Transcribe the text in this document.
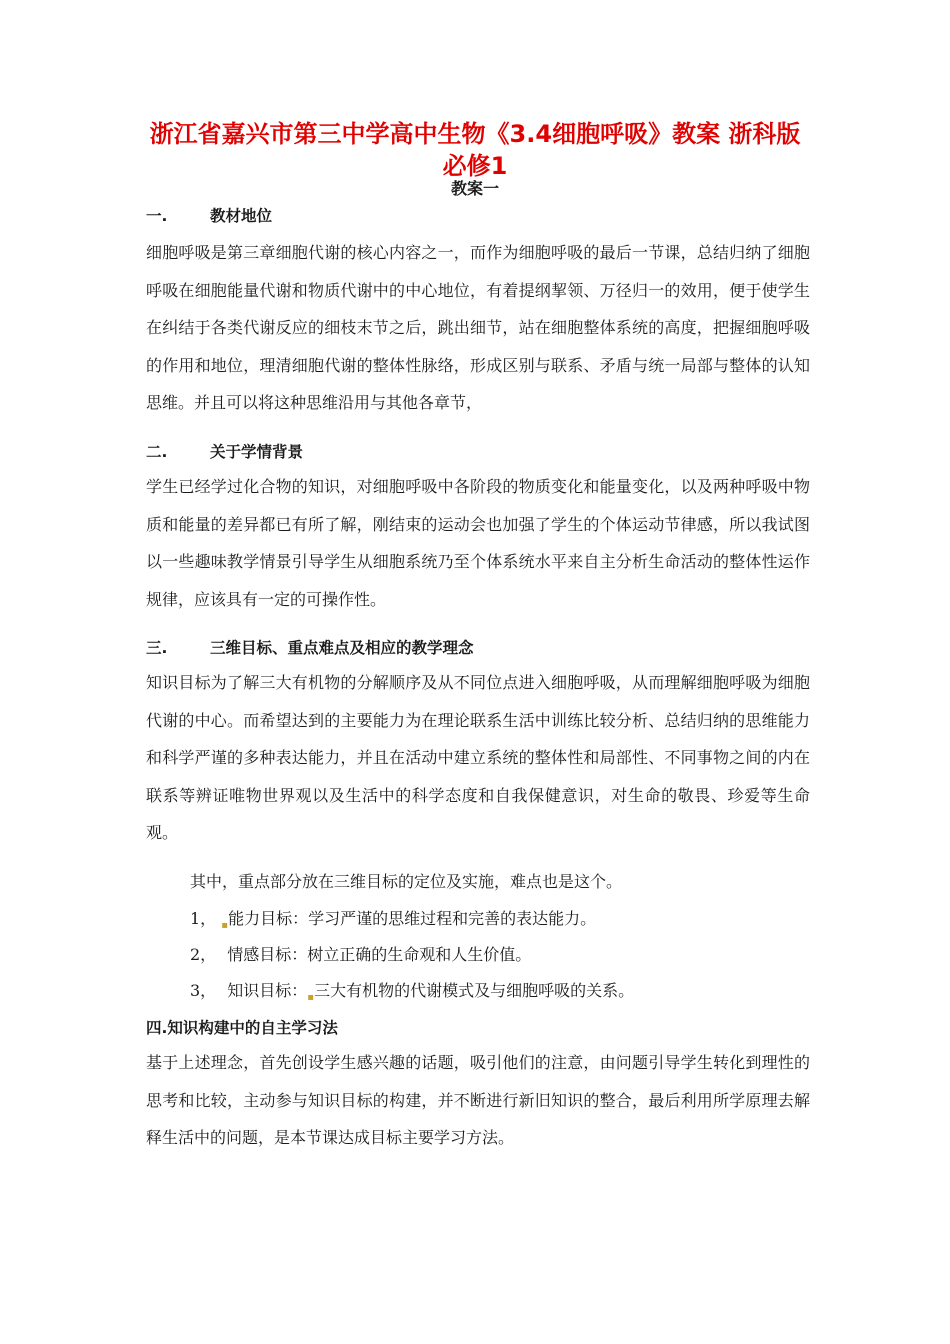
浙江省嘉兴市第三中学高中生物《3.4细胞呼吸》教案 浙科版必修1
教案一
一.	教材地位
细胞呼吸是第三章细胞代谢的核心内容之一，而作为细胞呼吸的最后一节课，总结归纳了细胞呼吸在细胞能量代谢和物质代谢中的中心地位，有着提纲挈领、万径归一的效用，便于使学生在纠结于各类代谢反应的细枝末节之后，跳出细节，站在细胞整体系统的高度，把握细胞呼吸的作用和地位，理清细胞代谢的整体性脉络，形成区别与联系、矛盾与统一局部与整体的认知思维。并且可以将这种思维沿用与其他各章节，
二.	关于学情背景
学生已经学过化合物的知识，对细胞呼吸中各阶段的物质变化和能量变化，以及两种呼吸中物质和能量的差异都已有所了解，刚结束的运动会也加强了学生的个体运动节律感，所以我试图以一些趣味教学情景引导学生从细胞系统乃至个体系统水平来自主分析生命活动的整体性运作规律，应该具有一定的可操作性。
三.	三维目标、重点难点及相应的教学理念
知识目标为了解三大有机物的分解顺序及从不同位点进入细胞呼吸，从而理解细胞呼吸为细胞代谢的中心。而希望达到的主要能力为在理论联系生活中训练比较分析、总结归纳的思维能力和科学严谨的多种表达能力，并且在活动中建立系统的整体性和局部性、不同事物之间的内在联系等辨证唯物世界观以及生活中的科学态度和自我保健意识，对生命的敬畏、珍爱等生命观。
其中，重点部分放在三维目标的定位及实施，难点也是这个。
1， $_▪$能力目标：学习严谨的思维过程和完善的表达能力。
2， 情感目标：树立正确的生命观和人生价值。
3， 知识目标：$_▪$三大有机物的代谢模式及与细胞呼吸的关系。
四.知识构建中的自主学习法
基于上述理念，首先创设学生感兴趣的话题，吸引他们的注意，由问题引导学生转化到理性的思考和比较，主动参与知识目标的构建，并不断进行新旧知识的整合，最后利用所学原理去解释生活中的问题，是本节课达成目标主要学习方法。
